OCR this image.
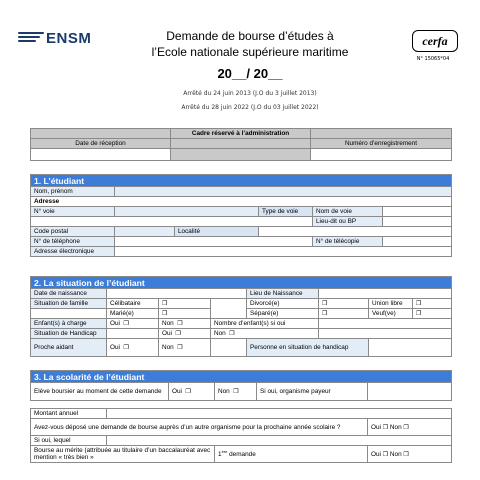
ENSM	Demande de bourse d’études à
l’Ecole nationale supérieure maritime
20__/ 20__
Arrêté du 24 juin 2013 (J.O du 3 juillet 2013)
Arrêté du 28 juin 2022 (J.O du 03 juillet 2022)
cerfa
N° 15065*04
	Cadre réservé à l’administration	
Date de réception		Numéro d’enregistrement

1. L’étudiant					
Nom, prénom					
Adresse					
N° voie			Type de voie	Nom de voie	
				Lieu-dit ou BP	
Code postal		Localité			
N° de téléphone				N° de télécopie	
Adresse électronique					
2. La situation de l’étudiant							
Date de naissance				Lieu de Naissance			
Situation de famille	Célibataire	❐		Divorcé(e)	❐	Union libre	❐
	Marié(e)	❐		Séparé(e)	❐	Veuf(ve)	❐
Enfant(s) à charge	Oui ❐	Non ❐	Nombre d’enfant(s) si oui				
Situation de Handicap		Oui ❐	Non ❐				
Proche aidant	Oui ❐	Non ❐		Personne en situation de handicap			
3. La scolarité de l’étudiant					
Elève boursier au moment de cette demande		Oui ❐	Non ❐	Si oui, organisme payeur	

Montant annuel					
Avez-vous déposé une demande de bourse auprès d’un autre organisme pour la prochaine année scolaire ?					Oui ❐ Non ❐
Si oui, lequel					
Bourse au mérite (attribuée au titulaire d’un baccalauréat avec mention « très bien »			1ère demande		Oui ❐ Non ❐
